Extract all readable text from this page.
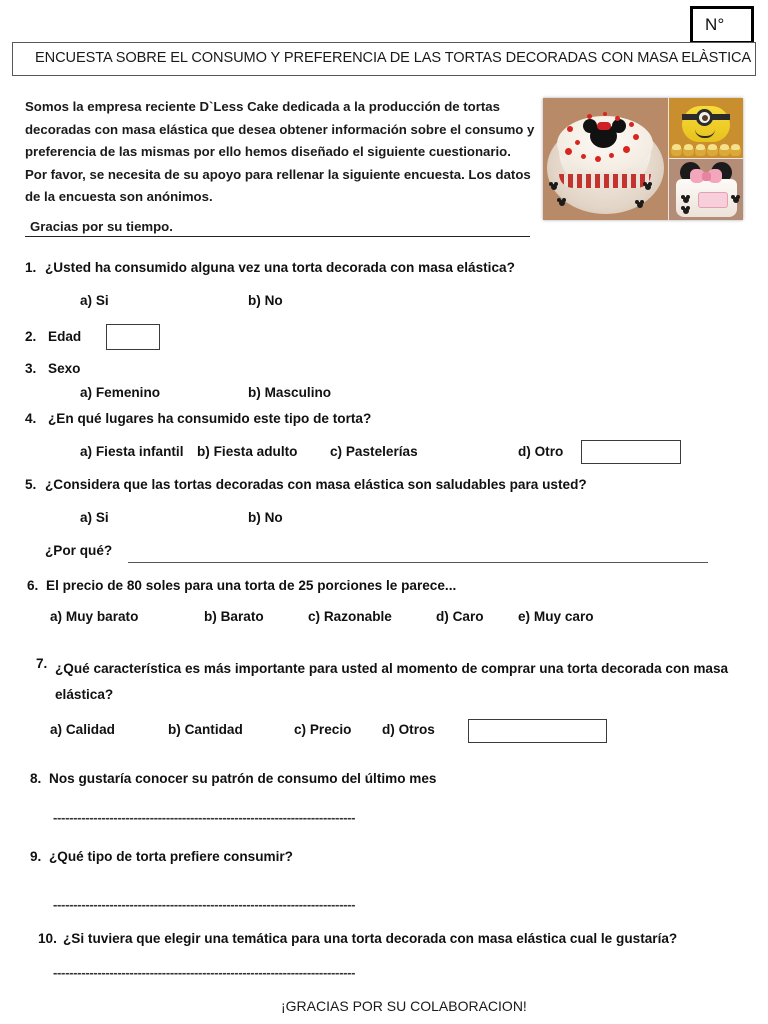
N°
ENCUESTA SOBRE EL CONSUMO Y PREFERENCIA DE LAS TORTAS DECORADAS CON MASA ELÀSTICA
Somos la empresa reciente D`Less Cake dedicada a la producción de tortas decoradas con masa elástica que desea obtener información sobre el consumo y preferencia de las mismas por ello hemos diseñado el siguiente cuestionario. Por favor, se necesita de su apoyo para rellenar la siguiente encuesta. Los datos de la encuesta son anónimos.
Gracias por su tiempo.
1. ¿Usted ha consumido alguna vez una torta decorada con masa elástica?
a) Si	b) No
2. Edad
3. Sexo
a) Femenino	b) Masculino
4. ¿En qué lugares ha consumido este tipo de torta?
a) Fiesta infantil b) Fiesta adulto c) Pastelerías	d) Otro
5. ¿Considera que las tortas decoradas con masa elástica son saludables para usted?
a) Si	b) No
¿Por qué?
6. El precio de 80 soles para una torta de 25 porciones le parece...
a) Muy barato	b) Barato	c) Razonable	d) Caro	e) Muy caro
7. ¿Qué característica es más importante para usted al momento de comprar una torta decorada con masa elástica?
a) Calidad	b) Cantidad	c) Precio d) Otros
8. Nos gustaría conocer su patrón de consumo del último mes
---------------------------------------------------------------------------
9. ¿Qué tipo de torta prefiere consumir?
---------------------------------------------------------------------------
10. ¿Si tuviera que elegir una temática para una torta decorada con masa elástica cual le gustaría?
---------------------------------------------------------------------------
¡GRACIAS POR SU COLABORACION!
